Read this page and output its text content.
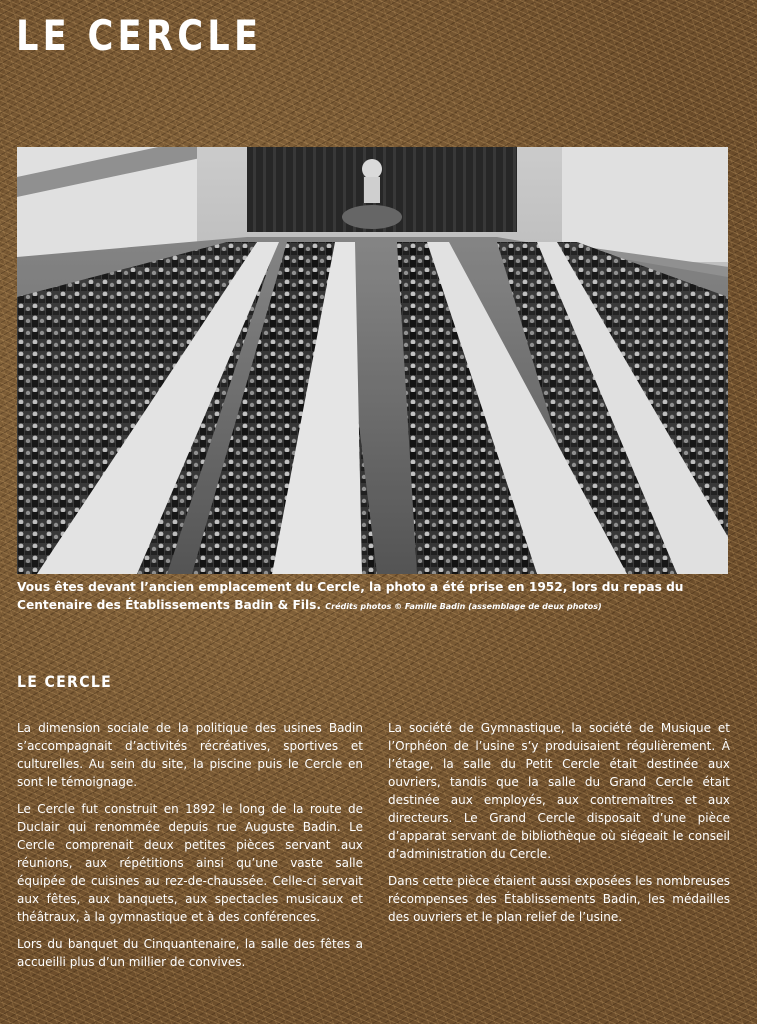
LE CERCLE

Vous êtes devant l’ancien emplacement du Cercle, la photo a été prise en 1952, lors du repas du Centenaire des Établissements Badin & Fils. Crédits photos © Famille Badin (assemblage de deux photos)

LE CERCLE

La dimension sociale de la politique des usines Badin s’accompagnait d’activités récréatives, sportives et culturelles. Au sein du site, la piscine puis le Cercle en sont le témoignage.

Le Cercle fut construit en 1892 le long de la route de Duclair qui renommée depuis rue Auguste Badin. Le Cercle comprenait deux petites pièces servant aux réunions, aux répétitions ainsi qu’une vaste salle équipée de cuisines au rez-de-chaussée. Celle-ci servait aux fêtes, aux banquets, aux spectacles musicaux et théâtraux, à la gymnastique et à des conférences.

Lors du banquet du Cinquantenaire, la salle des fêtes a accueilli plus d’un millier de convives.

La société de Gymnastique, la société de Musique et l’Orphéon de l’usine s’y produisaient régulièrement. À l’étage, la salle du Petit Cercle était destinée aux ouvriers, tandis que la salle du Grand Cercle était destinée aux employés, aux contremaîtres et aux directeurs. Le Grand Cercle disposait d’une pièce d’apparat servant de bibliothèque où siégeait le conseil d’administration du Cercle.

Dans cette pièce étaient aussi exposées les nombreuses récompenses des Établissements Badin, les médailles des ouvriers et le plan relief de l’usine.
